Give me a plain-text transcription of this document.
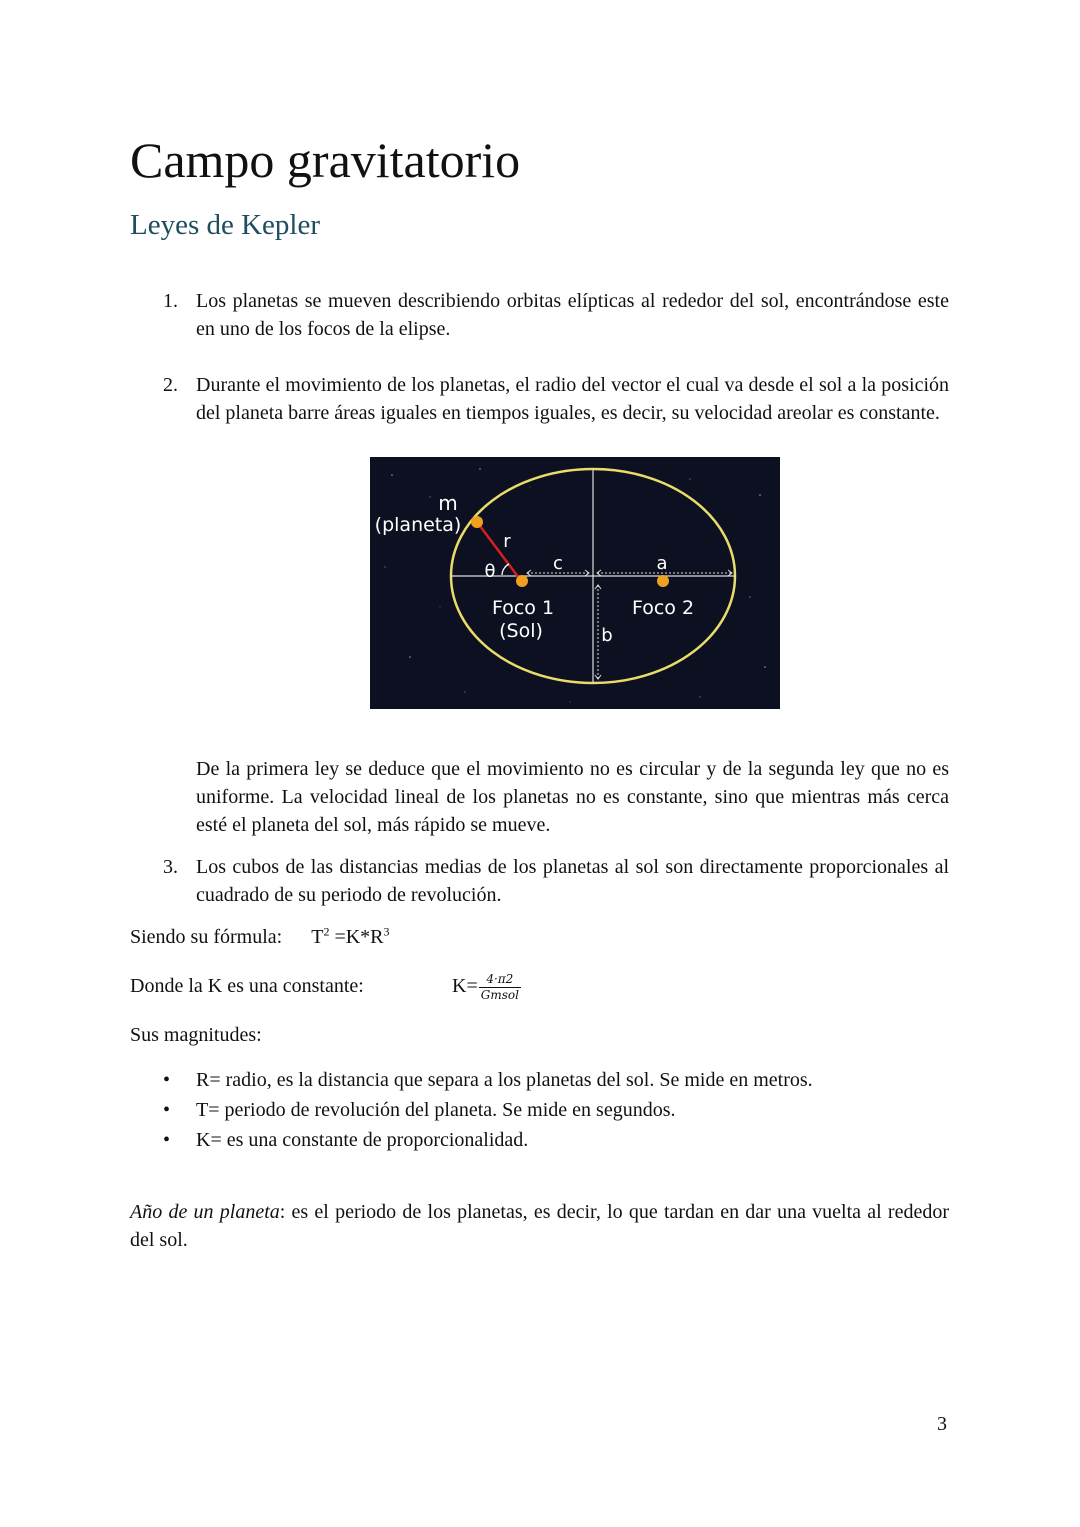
Campo gravitatorio
Leyes de Kepler
1. Los planetas se mueven describiendo orbitas elípticas al rededor del sol, encontrándose este en uno de los focos de la elipse.

2. Durante el movimiento de los planetas, el radio del vector el cual va desde el sol a la posición del planeta barre áreas iguales en tiempos iguales, es decir, su velocidad areolar es constante.

m
(planeta)
r
θ	c	a
b
Foco 1
(Sol)
Foco 2

De la primera ley se deduce que el movimiento no es circular y de la segunda ley que no es uniforme. La velocidad lineal de los planetas no es constante, sino que mientras más cerca esté el planeta del sol, más rápido se mueve.

3. Los cubos de las distancias medias de los planetas al sol son directamente proporcionales al cuadrado de su periodo de revolución.

Siendo su fórmula: $T^2 =K*R^3$
Donde la K es una constante:	$K= \frac{4\cdot\pi 2}{\text{Gmsol}}$
Sus magnitudes:
• R= radio, es la distancia que separa a los planetas del sol. Se mide en metros.
• T= periodo de revolución del planeta. Se mide en segundos.
• K= es una constante de proporcionalidad.

Año de un planeta: es el periodo de los planetas, es decir, lo que tardan en dar una vuelta al rededor del sol.

3
